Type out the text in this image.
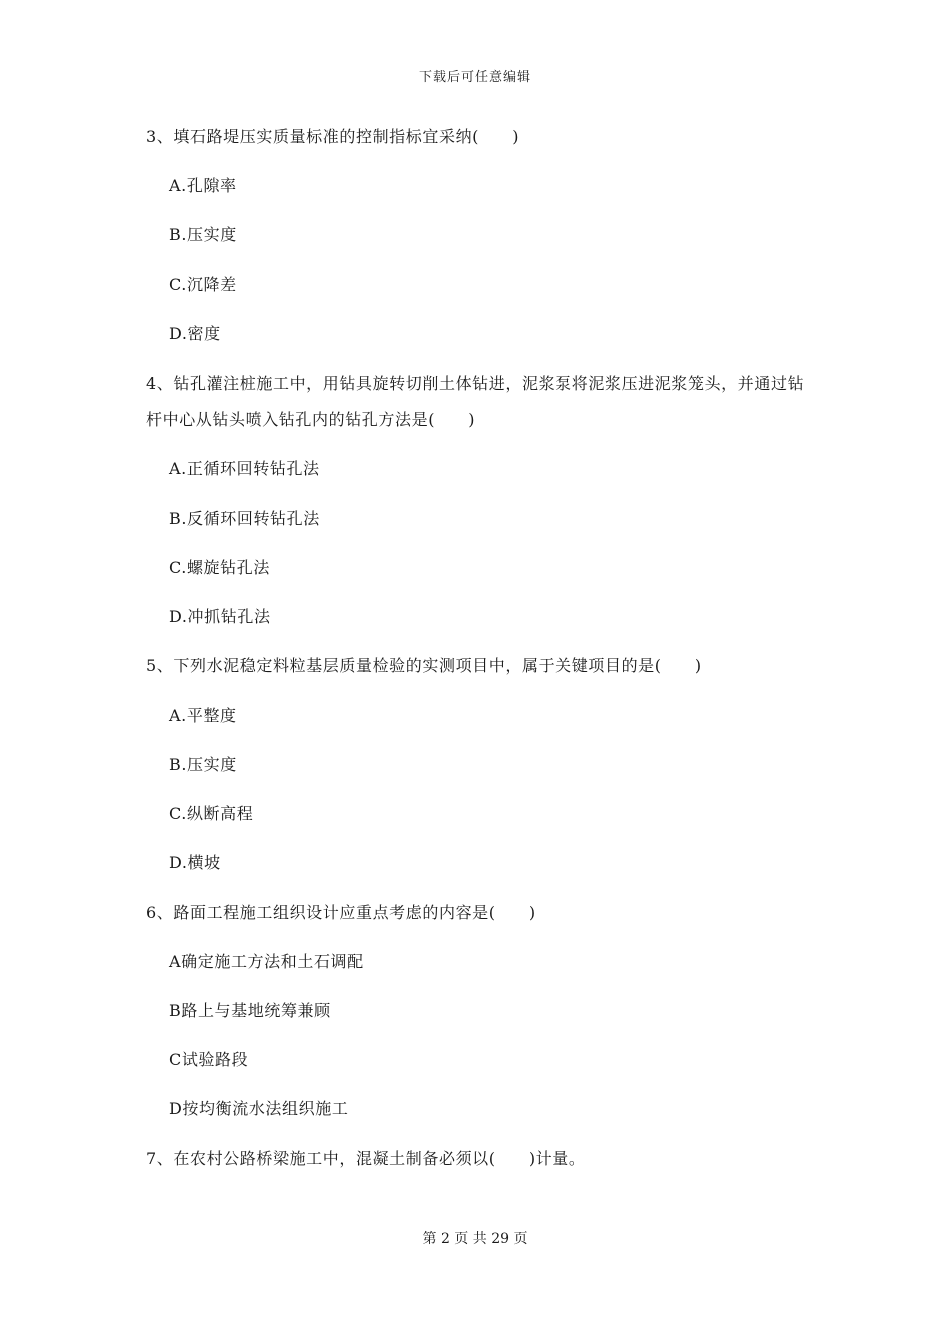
下载后可任意编辑
3、填石路堤压实质量标准的控制指标宜采纳(　　)
A.孔隙率
B.压实度
C.沉降差
D.密度
4、钻孔灌注桩施工中，用钻具旋转切削土体钻进，泥浆泵将泥浆压进泥浆笼头，并通过钻
杆中心从钻头喷入钻孔内的钻孔方法是(　　)
A.正循环回转钻孔法
B.反循环回转钻孔法
C.螺旋钻孔法
D.冲抓钻孔法
5、下列水泥稳定料粒基层质量检验的实测项目中，属于关键项目的是(　　)
A.平整度
B.压实度
C.纵断高程
D.横坡
6、路面工程施工组织设计应重点考虑的内容是(　　)
A确定施工方法和土石调配
B路上与基地统筹兼顾
C试验路段
D按均衡流水法组织施工
7、在农村公路桥梁施工中，混凝土制备必须以(　　)计量。
第 2 页 共 29 页
